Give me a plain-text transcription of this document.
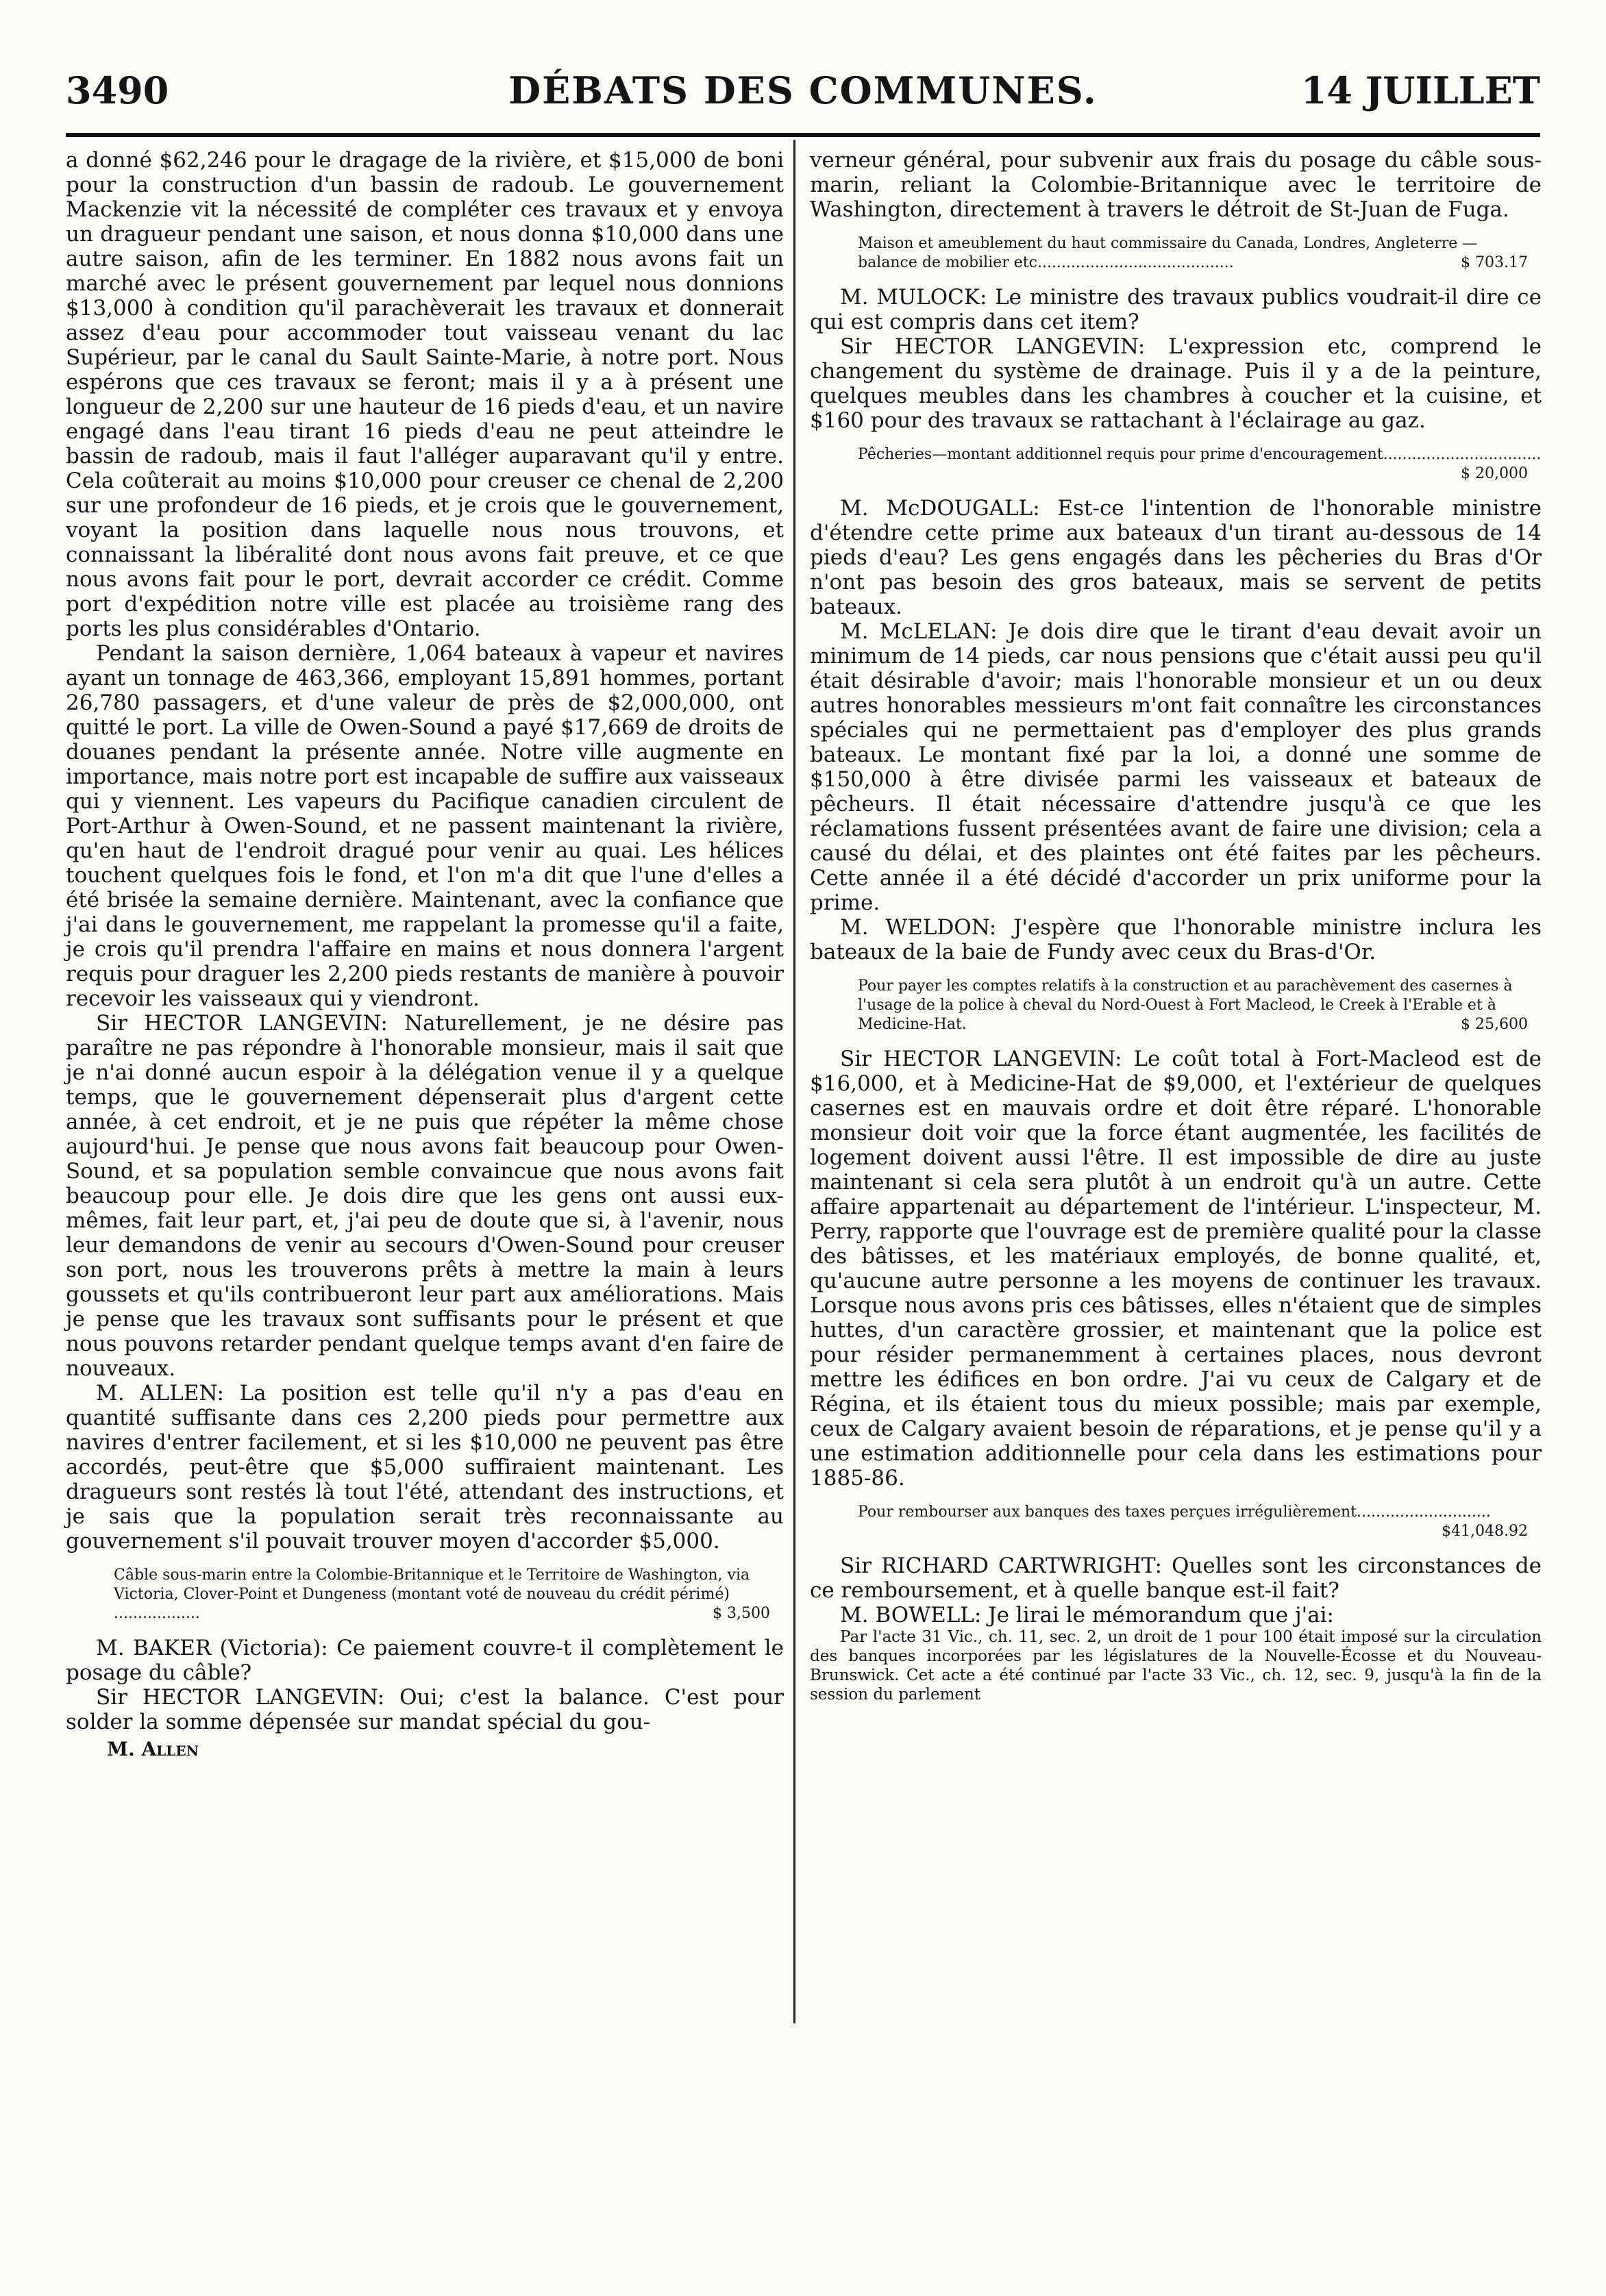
3490	DÉBATS DES COMMUNES.	14 JUILLET

a donné $62,246 pour le dragage de la rivière, et $15,000 de boni pour la construction d'un bassin de radoub. Le gouvernement Mackenzie vit la nécessité de compléter ces travaux et y envoya un dragueur pendant une saison, et nous donna $10,000 dans une autre saison, afin de les terminer. En 1882 nous avons fait un marché avec le présent gouvernement par lequel nous donnions $13,000 à condition qu'il parachèverait les travaux et donnerait assez d'eau pour accommoder tout vaisseau venant du lac Supérieur, par le canal du Sault Sainte-Marie, à notre port. Nous espérons que ces travaux se feront; mais il y a à présent une longueur de 2,200 sur une hauteur de 16 pieds d'eau, et un navire engagé dans l'eau tirant 16 pieds d'eau ne peut atteindre le bassin de radoub, mais il faut l'alléger auparavant qu'il y entre. Cela coûterait au moins $10,000 pour creuser ce chenal de 2,200 sur une profondeur de 16 pieds, et je crois que le gouvernement, voyant la position dans laquelle nous nous trouvons, et connaissant la libéralité dont nous avons fait preuve, et ce que nous avons fait pour le port, devrait accorder ce crédit. Comme port d'expédition notre ville est placée au troisième rang des ports les plus considérables d'Ontario.

Pendant la saison dernière, 1,064 bateaux à vapeur et navires ayant un tonnage de 463,366, employant 15,891 hommes, portant 26,780 passagers, et d'une valeur de près de $2,000,000, ont quitté le port. La ville de Owen-Sound a payé $17,669 de droits de douanes pendant la présente année. Notre ville augmente en importance, mais notre port est incapable de suffire aux vaisseaux qui y viennent. Les vapeurs du Pacifique canadien circulent de Port-Arthur à Owen-Sound, et ne passent maintenant la rivière, qu'en haut de l'endroit dragué pour venir au quai. Les hélices touchent quelques fois le fond, et l'on m'a dit que l'une d'elles a été brisée la semaine dernière. Maintenant, avec la confiance que j'ai dans le gouvernement, me rappelant la promesse qu'il a faite, je crois qu'il prendra l'affaire en mains et nous donnera l'argent requis pour draguer les 2,200 pieds restants de manière à pouvoir recevoir les vaisseaux qui y viendront.

Sir HECTOR LANGEVIN: Naturellement, je ne désire pas paraître ne pas répondre à l'honorable monsieur, mais il sait que je n'ai donné aucun espoir à la délégation venue il y a quelque temps, que le gouvernement dépenserait plus d'argent cette année, à cet endroit, et je ne puis que répéter la même chose aujourd'hui. Je pense que nous avons fait beaucoup pour Owen-Sound, et sa population semble convaincue que nous avons fait beaucoup pour elle. Je dois dire que les gens ont aussi eux-mêmes, fait leur part, et, j'ai peu de doute que si, à l'avenir, nous leur demandons de venir au secours d'Owen-Sound pour creuser son port, nous les trouverons prêts à mettre la main à leurs goussets et qu'ils contribueront leur part aux améliorations. Mais je pense que les travaux sont suffisants pour le présent et que nous pouvons retarder pendant quelque temps avant d'en faire de nouveaux.

M. ALLEN: La position est telle qu'il n'y a pas d'eau en quantité suffisante dans ces 2,200 pieds pour permettre aux navires d'entrer facilement, et si les $10,000 ne peuvent pas être accordés, peut-être que $5,000 suffiraient maintenant. Les dragueurs sont restés là tout l'été, attendant des instructions, et je sais que la population serait très reconnaissante au gouvernement s'il pouvait trouver moyen d'accorder $5,000.

Câble sous-marin entre la Colombie-Britannique et le Territoire de Washington, via Victoria, Clover-Point et Dungeness (montant voté de nouveau du crédit périmé) ..................	$ 3,500

M. BAKER (Victoria): Ce paiement couvre-t il complètement le posage du câble?

Sir HECTOR LANGEVIN: Oui; c'est la balance. C'est pour solder la somme dépensée sur mandat spécial du gou-

M. Allen

verneur général, pour subvenir aux frais du posage du câble sous-marin, reliant la Colombie-Britannique avec le territoire de Washington, directement à travers le détroit de St-Juan de Fuga.

Maison et ameublement du haut commissaire du Canada, Londres, Angleterre — balance de mobilier etc.........................................	$ 703.17

M. MULOCK: Le ministre des travaux publics voudrait-il dire ce qui est compris dans cet item?

Sir HECTOR LANGEVIN: L'expression etc, comprend le changement du système de drainage. Puis il y a de la peinture, quelques meubles dans les chambres à coucher et la cuisine, et $160 pour des travaux se rattachant à l'éclairage au gaz.

Pêcheries—montant additionnel requis pour prime d'encouragement.................................
$ 20,000

M. McDOUGALL: Est-ce l'intention de l'honorable ministre d'étendre cette prime aux bateaux d'un tirant au-dessous de 14 pieds d'eau? Les gens engagés dans les pêcheries du Bras d'Or n'ont pas besoin des gros bateaux, mais se servent de petits bateaux.

M. McLELAN: Je dois dire que le tirant d'eau devait avoir un minimum de 14 pieds, car nous pensions que c'était aussi peu qu'il était désirable d'avoir; mais l'honorable monsieur et un ou deux autres honorables messieurs m'ont fait connaître les circonstances spéciales qui ne permettaient pas d'employer des plus grands bateaux. Le montant fixé par la loi, a donné une somme de $150,000 à être divisée parmi les vaisseaux et bateaux de pêcheurs. Il était nécessaire d'attendre jusqu'à ce que les réclamations fussent présentées avant de faire une division; cela a causé du délai, et des plaintes ont été faites par les pêcheurs. Cette année il a été décidé d'accorder un prix uniforme pour la prime.

M. WELDON: J'espère que l'honorable ministre inclura les bateaux de la baie de Fundy avec ceux du Bras-d'Or.

Pour payer les comptes relatifs à la construction et au parachèvement des casernes à l'usage de la police à cheval du Nord-Ouest à Fort Macleod, le Creek à l'Erable et à Medicine-Hat.	$ 25,600

Sir HECTOR LANGEVIN: Le coût total à Fort-Macleod est de $16,000, et à Medicine-Hat de $9,000, et l'extérieur de quelques casernes est en mauvais ordre et doit être réparé. L'honorable monsieur doit voir que la force étant augmentée, les facilités de logement doivent aussi l'être. Il est impossible de dire au juste maintenant si cela sera plutôt à un endroit qu'à un autre. Cette affaire appartenait au département de l'intérieur. L'inspecteur, M. Perry, rapporte que l'ouvrage est de première qualité pour la classe des bâtisses, et les matériaux employés, de bonne qualité, et, qu'aucune autre personne a les moyens de continuer les travaux. Lorsque nous avons pris ces bâtisses, elles n'étaient que de simples huttes, d'un caractère grossier, et maintenant que la police est pour résider permanemment à certaines places, nous devront mettre les édifices en bon ordre. J'ai vu ceux de Calgary et de Régina, et ils étaient tous du mieux possible; mais par exemple, ceux de Calgary avaient besoin de réparations, et je pense qu'il y a une estimation additionnelle pour cela dans les estimations pour 1885-86.

Pour rembourser aux banques des taxes perçues irrégulièrement............................
$41,048.92

Sir RICHARD CARTWRIGHT: Quelles sont les circonstances de ce remboursement, et à quelle banque est-il fait?

M. BOWELL: Je lirai le mémorandum que j'ai:

Par l'acte 31 Vic., ch. 11, sec. 2, un droit de 1 pour 100 était imposé sur la circulation des banques incorporées par les législatures de la Nouvelle-Écosse et du Nouveau-Brunswick. Cet acte a été continué par l'acte 33 Vic., ch. 12, sec. 9, jusqu'à la fin de la session du parlement
